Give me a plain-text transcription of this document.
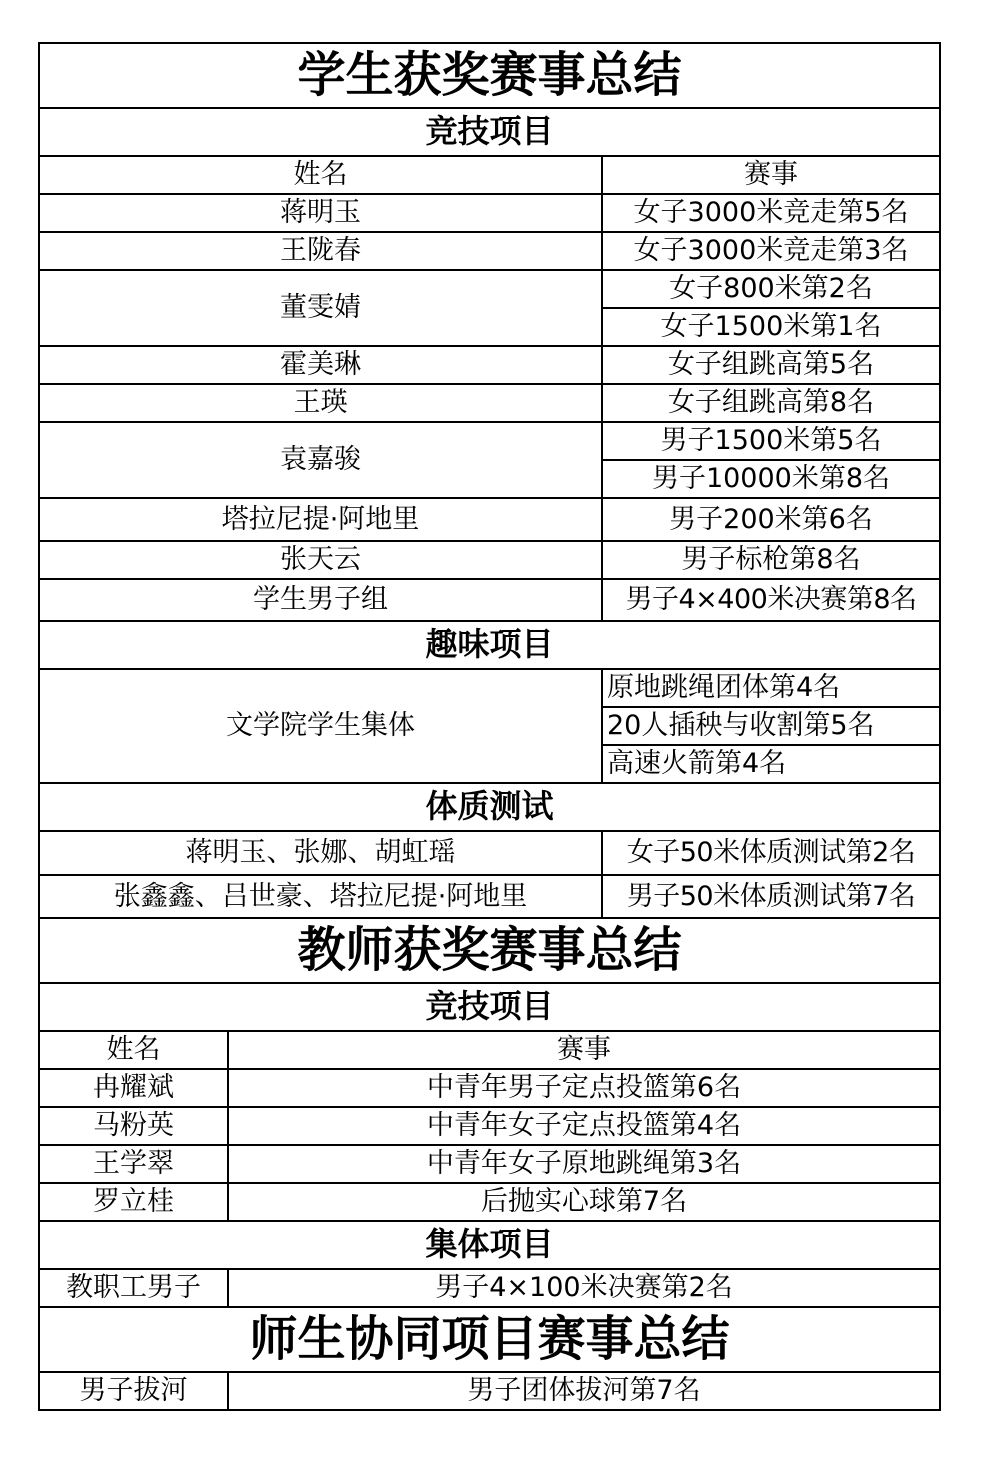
学生获奖赛事总结		
竞技项目		
姓名		赛事
蒋明玉		女子3000米竞走第5名
王陇春		女子3000米竞走第3名
董雯婧		女子800米第2名
		女子1500米第1名
霍美琳		女子组跳高第5名
王瑛		女子组跳高第8名
袁嘉骏		男子1500米第5名
		男子10000米第8名
塔拉尼提·阿地里		男子200米第6名
张天云		男子标枪第8名
学生男子组		男子4×400米决赛第8名
趣味项目		
文学院学生集体		原地跳绳团体第4名
		20人插秧与收割第5名
		高速火箭第4名
体质测试		
蒋明玉、张娜、胡虹瑶		女子50米体质测试第2名
张鑫鑫、吕世豪、塔拉尼提·阿地里		男子50米体质测试第7名
教师获奖赛事总结		
竞技项目		
姓名	赛事	
冉耀斌	中青年男子定点投篮第6名	
马粉英	中青年女子定点投篮第4名	
王学翠	中青年女子原地跳绳第3名	
罗立桂	后抛实心球第7名	
集体项目		
教职工男子	男子4×100米决赛第2名	
师生协同项目赛事总结		
男子拔河	男子团体拔河第7名	
